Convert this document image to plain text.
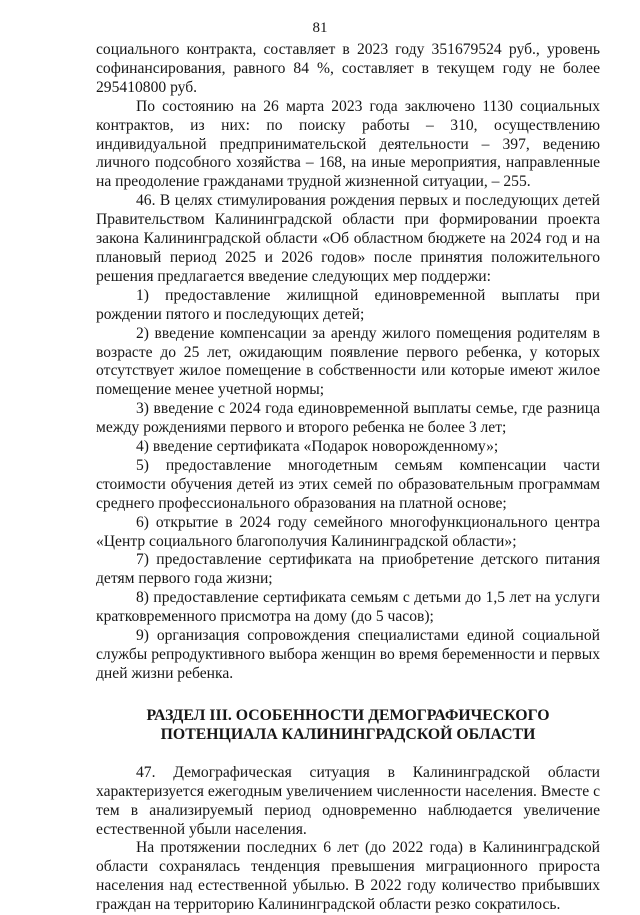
81

социального контракта, составляет в 2023 году 351679524 руб., уровень софинансирования, равного 84 %, составляет в текущем году не более 295410800 руб.

По состоянию на 26 марта 2023 года заключено 1130 социальных контрактов, из них: по поиску работы – 310, осуществлению индивидуальной предпринимательской деятельности – 397, ведению личного подсобного хозяйства – 168, на иные мероприятия, направленные на преодоление гражданами трудной жизненной ситуации, – 255.

46. В целях стимулирования рождения первых и последующих детей Правительством Калининградской области при формировании проекта закона Калининградской области «Об областном бюджете на 2024 год и на плановый период 2025 и 2026 годов» после принятия положительного решения предлагается введение следующих мер поддержи:

1) предоставление жилищной единовременной выплаты при рождении пятого и последующих детей;

2) введение компенсации за аренду жилого помещения родителям в возрасте до 25 лет, ожидающим появление первого ребенка, у которых отсутствует жилое помещение в собственности или которые имеют жилое помещение менее учетной нормы;

3) введение с 2024 года единовременной выплаты семье, где разница между рождениями первого и второго ребенка не более 3 лет;

4) введение сертификата «Подарок новорожденному»;

5) предоставление многодетным семьям компенсации части стоимости обучения детей из этих семей по образовательным программам среднего профессионального образования на платной основе;

6) открытие в 2024 году семейного многофункционального центра «Центр социального благополучия Калининградской области»;

7) предоставление сертификата на приобретение детского питания детям первого года жизни;

8) предоставление сертификата семьям с детьми до 1,5 лет на услуги кратковременного присмотра на дому (до 5 часов);

9) организация сопровождения специалистами единой социальной службы репродуктивного выбора женщин во время беременности и первых дней жизни ребенка.

РАЗДЕЛ III. ОСОБЕННОСТИ ДЕМОГРАФИЧЕСКОГО
ПОТЕНЦИАЛА КАЛИНИНГРАДСКОЙ ОБЛАСТИ

47. Демографическая ситуация в Калининградской области характеризуется ежегодным увеличением численности населения. Вместе с тем в анализируемый период одновременно наблюдается увеличение естественной убыли населения.

На протяжении последних 6 лет (до 2022 года) в Калининградской области сохранялась тенденция превышения миграционного прироста населения над естественной убылью. В 2022 году количество прибывших граждан на территорию Калининградской области резко сократилось.
